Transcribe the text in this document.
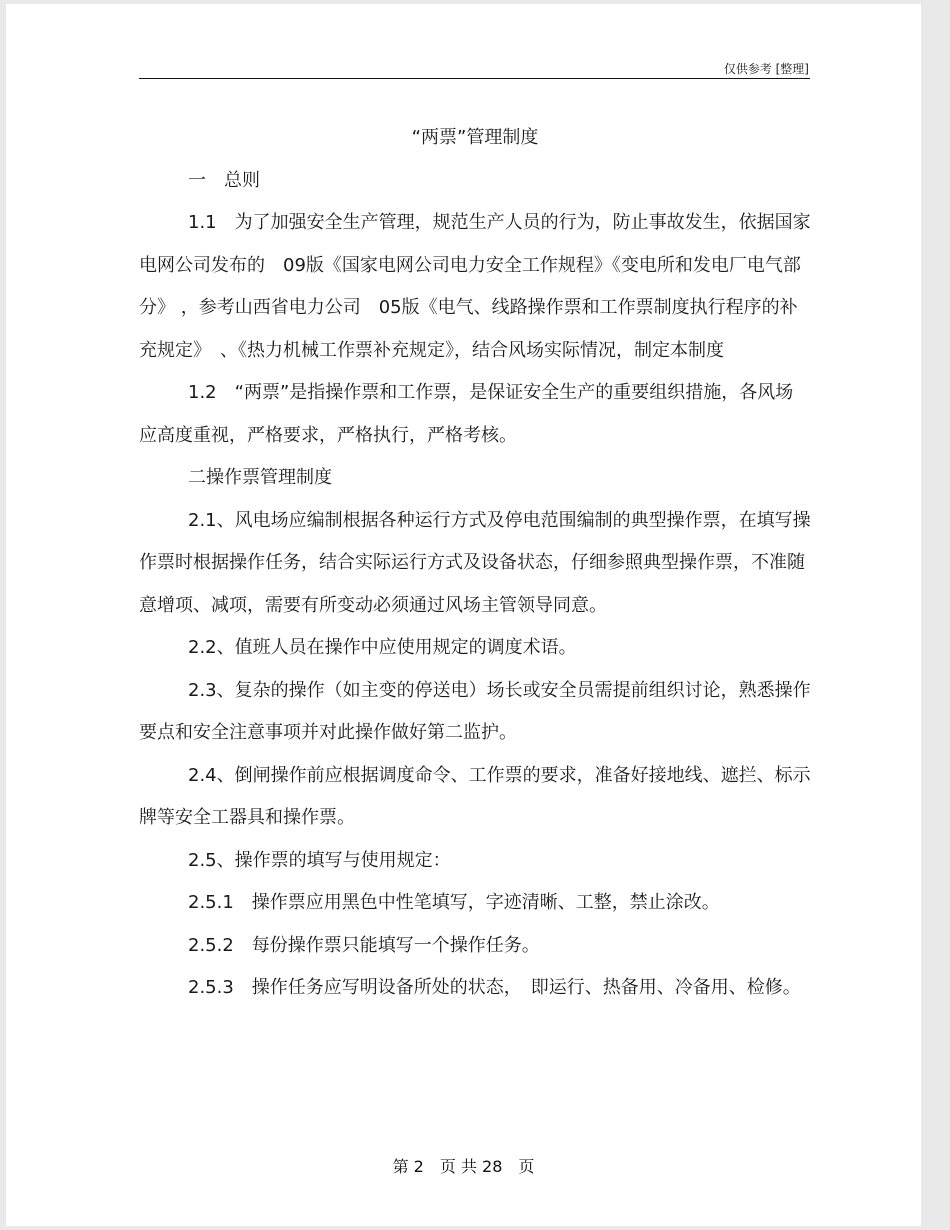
仅供参考 [整理]

“两票”管理制度

一　总则

1.1　为了加强安全生产管理，规范生产人员的行为，防止事故发生，依据国家电网公司发布的　09版《国家电网公司电力安全工作规程》《变电所和发电厂电气部分》 ，参考山西省电力公司　05版《电气、线路操作票和工作票制度执行程序的补充规定》　、《热力机械工作票补充规定》，结合风场实际情况，制定本制度

1.2　“两票”是指操作票和工作票，是保证安全生产的重要组织措施，各风场应高度重视，严格要求，严格执行，严格考核。

二操作票管理制度

2.1、风电场应编制根据各种运行方式及停电范围编制的典型操作票，在填写操作票时根据操作任务，结合实际运行方式及设备状态，仔细参照典型操作票，不准随意增项、减项，需要有所变动必须通过风场主管领导同意。

2.2、值班人员在操作中应使用规定的调度术语。

2.3、复杂的操作（如主变的停送电）场长或安全员需提前组织讨论，熟悉操作要点和安全注意事项并对此操作做好第二监护。

2.4、倒闸操作前应根据调度命令、工作票的要求，准备好接地线、遮拦、标示牌等安全工器具和操作票。

2.5、操作票的填写与使用规定：

2.5.1　操作票应用黑色中性笔填写，字迹清晰、工整，禁止涂改。

2.5.2　每份操作票只能填写一个操作任务。

2.5.3　操作任务应写明设备所处的状态，　即运行、热备用、冷备用、检修。

第 2　页 共 28　页
